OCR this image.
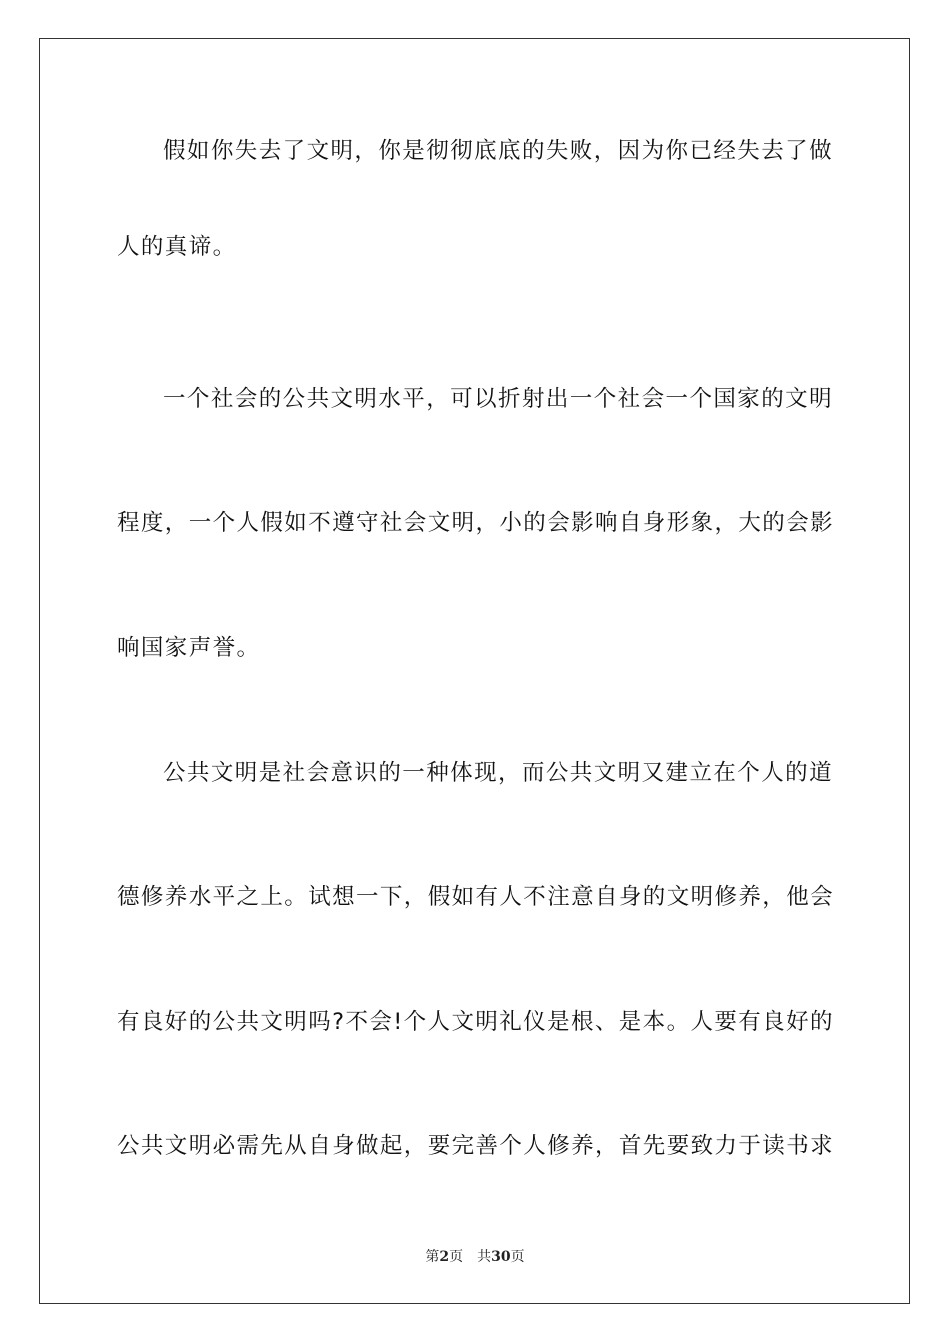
假如你失去了文明，你是彻彻底底的失败，因为你已经失去了做
人的真谛。
一个社会的公共文明水平，可以折射出一个社会一个国家的文明
程度，一个人假如不遵守社会文明，小的会影响自身形象，大的会影
响国家声誉。
公共文明是社会意识的一种体现，而公共文明又建立在个人的道
德修养水平之上。试想一下，假如有人不注意自身的文明修养，他会
有良好的公共文明吗?不会!个人文明礼仪是根、是本。人要有良好的
公共文明必需先从自身做起，要完善个人修养，首先要致力于读书求
第2页 共30页
